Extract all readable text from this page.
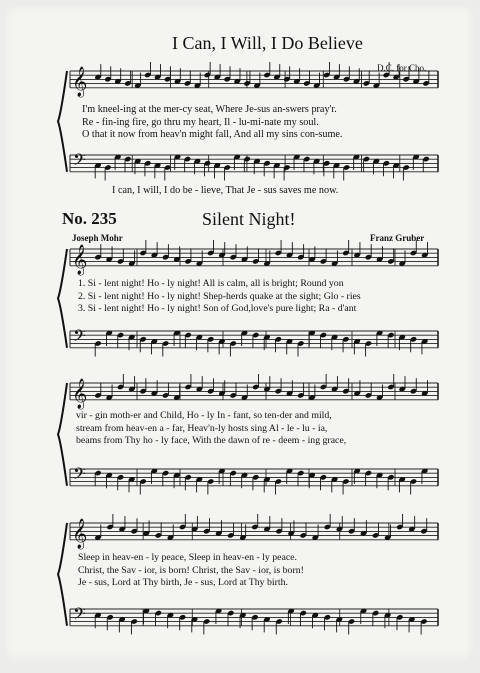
𝄞
𝄢
𝄞
𝄢
𝄞
𝄢
𝄞
𝄢
I Can, I Will, I Do Believe
D.C. for Cho.
I'm kneel-ing at the mer-cy seat, Where Je-sus an-swers pray'r.
Re - fin-ing fire, go thru my heart, Il - lu-mi-nate my soul.
O that it now from heav'n might fall, And all my sins con-sume.
I can, I will, I do be - lieve, That Je - sus saves me now.
No. 235	Silent Night!
Joseph Mohr	Franz Gruber
1. Si - lent night! Ho - ly night! All is calm, all is bright; Round yon
2. Si - lent night! Ho - ly night! Shep-herds quake at the sight; Glo - ries
3. Si - lent night! Ho - ly night! Son of God,love's pure light; Ra - d'ant
vir - gin moth-er and Child, Ho - ly In - fant, so ten-der and mild,
stream from heav-en a - far, Heav'n-ly hosts sing Al - le - lu - ia,
beams from Thy ho - ly face, With the dawn of re - deem - ing grace,
Sleep in heav-en - ly peace, Sleep in heav-en - ly peace.
Christ, the Sav - ior, is born! Christ, the Sav - ior, is born!
Je - sus, Lord at Thy birth, Je - sus, Lord at Thy birth.
